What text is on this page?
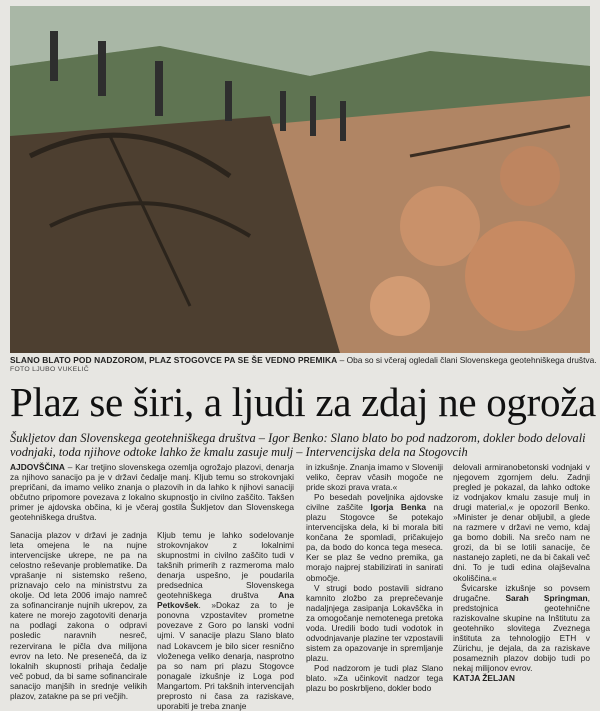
SLANO BLATO POD NADZOROM, PLAZ STOGOVCE PA SE ŠE VEDNO PREMIKA – Oba so si včeraj ogledali člani Slovenskega geotehniškega društva.
FOTO LJUBO VUKELIČ
Plaz se širi, a ljudi za zdaj ne ogroža
Šukljetov dan Slovenskega geotehniškega društva – Igor Benko: Slano blato bo pod nadzorom, dokler bodo delovali vodnjaki, toda njihove odtoke lahko že kmalu zasuje mulj – Intervencijska dela na Stogovcih

AJDOVŠČINA – Kar tretjino slovenskega ozemlja ogrožajo plazovi, denarja za njihovo sanacijo pa je v državi čedalje manj. Kljub temu so strokovnjaki prepričani, da imamo veliko znanja o plazovih in da lahko k njihovi sanaciji občutno pripomore povezava z lokalno skupnostjo in civilno zaščito. Takšen primer je ajdovska občina, ki je včeraj gostila Šukljetov dan Slovenskega geotehniškega društva.

Sanacija plazov v državi je zadnja leta omejena le na nujne intervencijske ukrepe, ne pa na celostno reševanje problematike. Da vprašanje ni sistemsko rešeno, priznavajo celo na ministrstvu za okolje. Od leta 2006 imajo namreč za sofinanciranje nujnih ukrepov, za katere ne morejo zagotoviti denarja na podlagi zakona o odpravi posledic naravnih nesreč, rezervirana le pičla dva milijona evrov na leto. Ne presenečá, da iz lokalnih skupnosti prihaja čedalje več pobud, da bi same sofinancirale sanacijo manjših in srednje velikih plazov, zatakne pa se pri večjih.

Kljub temu je lahko sodelovanje strokovnjakov z lokalnimi skupnostmi in civilno zaščito tudi v takšnih primerih z razmeroma malo denarja uspešno, je poudarila predsednica Slovenskega geotehniškega društva Ana Petkovšek. »Dokaz za to je ponovna vzpostavitev prometne povezave z Goro po lanski vodni ujmi. V sanacije plazu Slano blato nad Lokavcem je bilo sicer resnično vloženega veliko denarja, nasprotno pa so nam pri plazu Stogovce ponagale izkušnje iz Loga pod Mangartom. Pri takšnih intervencijah preprosto ni časa za raziskave, uporabiti je treba znanje

in izkušnje. Znanja imamo v Sloveniji veliko, čeprav včasih mogoče ne pride skozi prava vrata.«

Po besedah poveljnika ajdovske civilne zaščite Igorja Benka na plazu Stogovce še potekajo intervencijska dela, ki bi morala biti končana že spomladi, pričakujejo pa, da bodo do konca tega meseca. Ker se plaz še vedno premika, ga morajo najprej stabilizirati in sanirati območje.

V strugi bodo postavili sidrano kamnito zložbo za preprečevanje nadaljnjega zasipanja Lokavščka in za omogočanje nemotenega pretoka voda. Uredili bodo tudi vodotok in odvodnjavanje plazine ter vzpostavili sistem za opazovanje in spremljanje plazu.

Pod nadzorom je tudi plaz Slano blato. »Za učinkovit nadzor tega plazu bo poskrbljeno, dokler bodo

delovali armiranobetonski vodnjaki v njegovem zgornjem delu. Zadnji pregled je pokazal, da lahko odtoke iz vodnjakov kmalu zasuje mulj in drugi material,« je opozoril Benko. »Minister je denar obljubil, a glede na razmere v državi ne vemo, kdaj ga bomo dobili. Na srečo nam ne grozi, da bi se lotili sanacije, če nastanejo zapleti, ne da bi čakali več dni. To je tudi edina olajševalna okoliščina.«

Švicarske izkušnje so povsem drugačne. Sarah Springman, predstojnica geotehnične raziskovalne skupine na Inštitutu za geotehniko slovitega Zveznega inštituta za tehnologijo ETH v Zürichu, je dejala, da za raziskave posameznih plazov dobijo tudi po nekaj milijonov evrov.

KATJA ŽELJAN
